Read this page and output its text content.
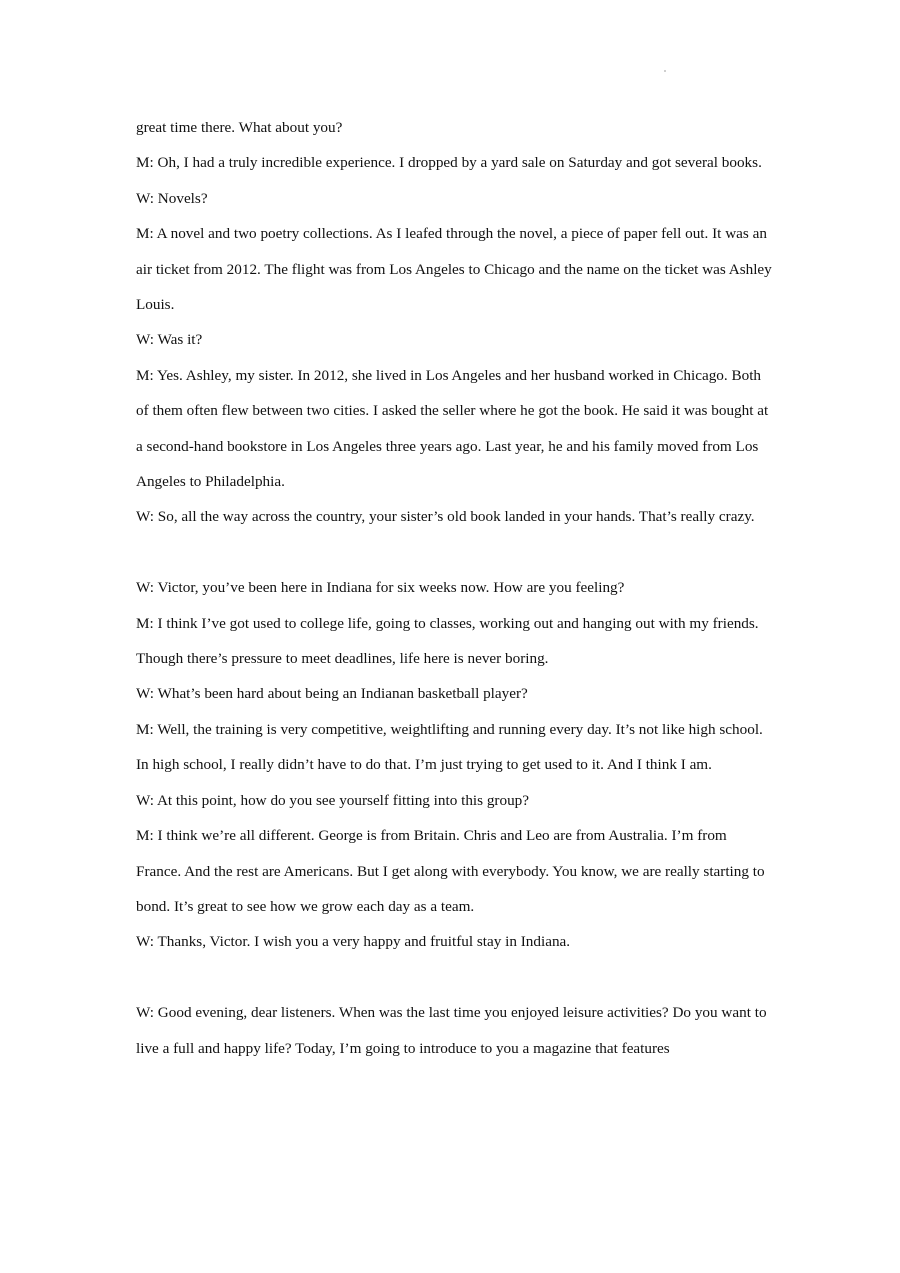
great time there. What about you?

M: Oh, I had a truly incredible experience. I dropped by a yard sale on Saturday and got several books.

W: Novels?

M: A novel and two poetry collections. As I leafed through the novel, a piece of paper fell out. It was an air ticket from 2012. The flight was from Los Angeles to Chicago and the name on the ticket was Ashley Louis.

W: Was it?

M: Yes. Ashley, my sister. In 2012, she lived in Los Angeles and her husband worked in Chicago. Both of them often flew between two cities. I asked the seller where he got the book. He said it was bought at a second-hand bookstore in Los Angeles three years ago. Last year, he and his family moved from Los Angeles to Philadelphia.

W: So, all the way across the country, your sister’s old book landed in your hands. That’s really crazy.

W: Victor, you’ve been here in Indiana for six weeks now. How are you feeling?

M: I think I’ve got used to college life, going to classes, working out and hanging out with my friends. Though there’s pressure to meet deadlines, life here is never boring.

W: What’s been hard about being an Indianan basketball player?

M: Well, the training is very competitive, weightlifting and running every day. It’s not like high school. In high school, I really didn’t have to do that. I’m just trying to get used to it. And I think I am.

W: At this point, how do you see yourself fitting into this group?

M: I think we’re all different. George is from Britain. Chris and Leo are from Australia. I’m from France. And the rest are Americans. But I get along with everybody. You know, we are really starting to bond. It’s great to see how we grow each day as a team.

W: Thanks, Victor. I wish you a very happy and fruitful stay in Indiana.

W: Good evening, dear listeners. When was the last time you enjoyed leisure activities? Do you want to live a full and happy life? Today, I’m going to introduce to you a magazine that features
